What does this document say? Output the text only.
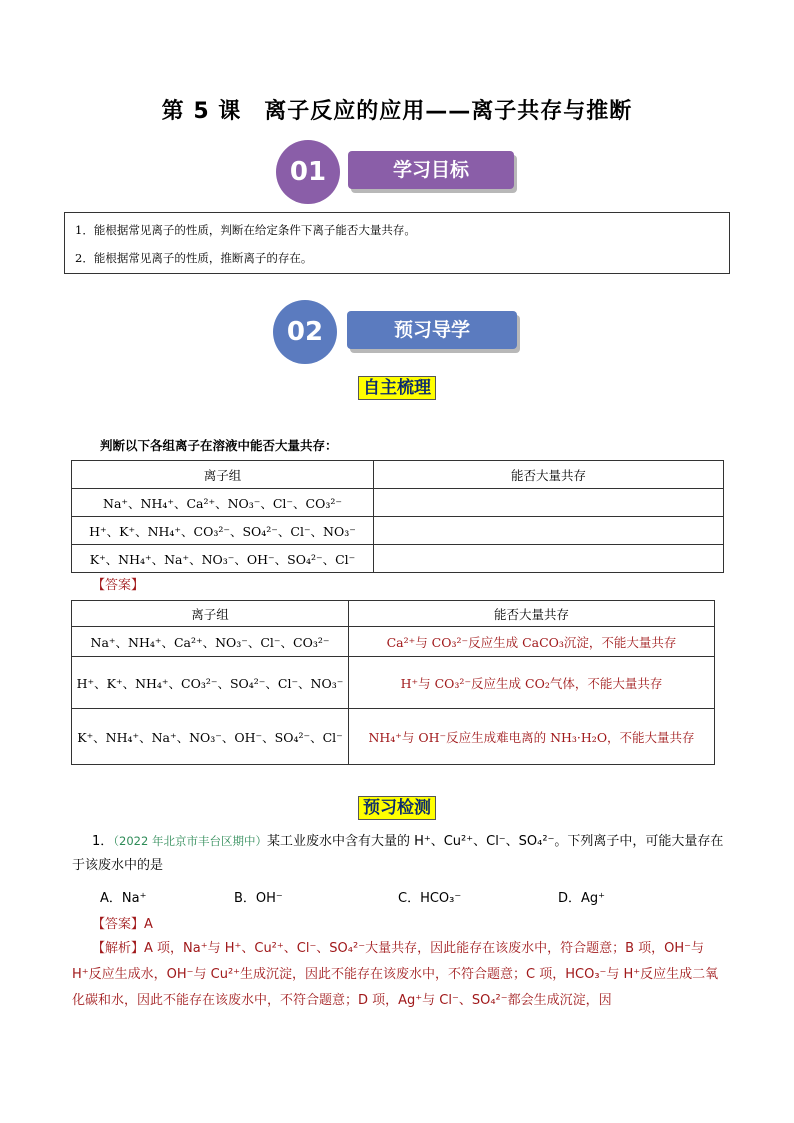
第 5 课　离子反应的应用——离子共存与推断
01	学习目标
1．能根据常见离子的性质，判断在给定条件下离子能否大量共存。
2．能根据常见离子的性质，推断离子的存在。
02	预习导学
自主梳理
判断以下各组离子在溶液中能否大量共存：
离子组	能否大量共存
Na⁺、NH₄⁺、Ca²⁺、NO₃⁻、Cl⁻、CO₃²⁻	
H⁺、K⁺、NH₄⁺、CO₃²⁻、SO₄²⁻、Cl⁻、NO₃⁻	
K⁺、NH₄⁺、Na⁺、NO₃⁻、OH⁻、SO₄²⁻、Cl⁻	
【答案】
离子组	能否大量共存
Na⁺、NH₄⁺、Ca²⁺、NO₃⁻、Cl⁻、CO₃²⁻	Ca²⁺与 CO₃²⁻反应生成 CaCO₃沉淀，不能大量共存
H⁺、K⁺、NH₄⁺、CO₃²⁻、SO₄²⁻、Cl⁻、NO₃⁻	H⁺与 CO₃²⁻反应生成 CO₂气体，不能大量共存
K⁺、NH₄⁺、Na⁺、NO₃⁻、OH⁻、SO₄²⁻、Cl⁻	NH₄⁺与 OH⁻反应生成难电离的 NH₃·H₂O，不能大量共存
预习检测
1．（2022 年北京市丰台区期中）某工业废水中含有大量的 H⁺、Cu²⁺、Cl⁻、SO₄²⁻。下列离子中，可能大量存在于该废水中的是
A．Na⁺	B．OH⁻	C．HCO₃⁻	D．Ag⁺
【答案】A
【解析】A 项，Na⁺与 H⁺、Cu²⁺、Cl⁻、SO₄²⁻大量共存，因此能存在该废水中，符合题意；B 项，OH⁻与 H⁺反应生成水，OH⁻与 Cu²⁺生成沉淀，因此不能存在该废水中，不符合题意；C 项，HCO₃⁻与 H⁺反应生成二氧化碳和水，因此不能存在该废水中，不符合题意；D 项，Ag⁺与 Cl⁻、SO₄²⁻都会生成沉淀，因
